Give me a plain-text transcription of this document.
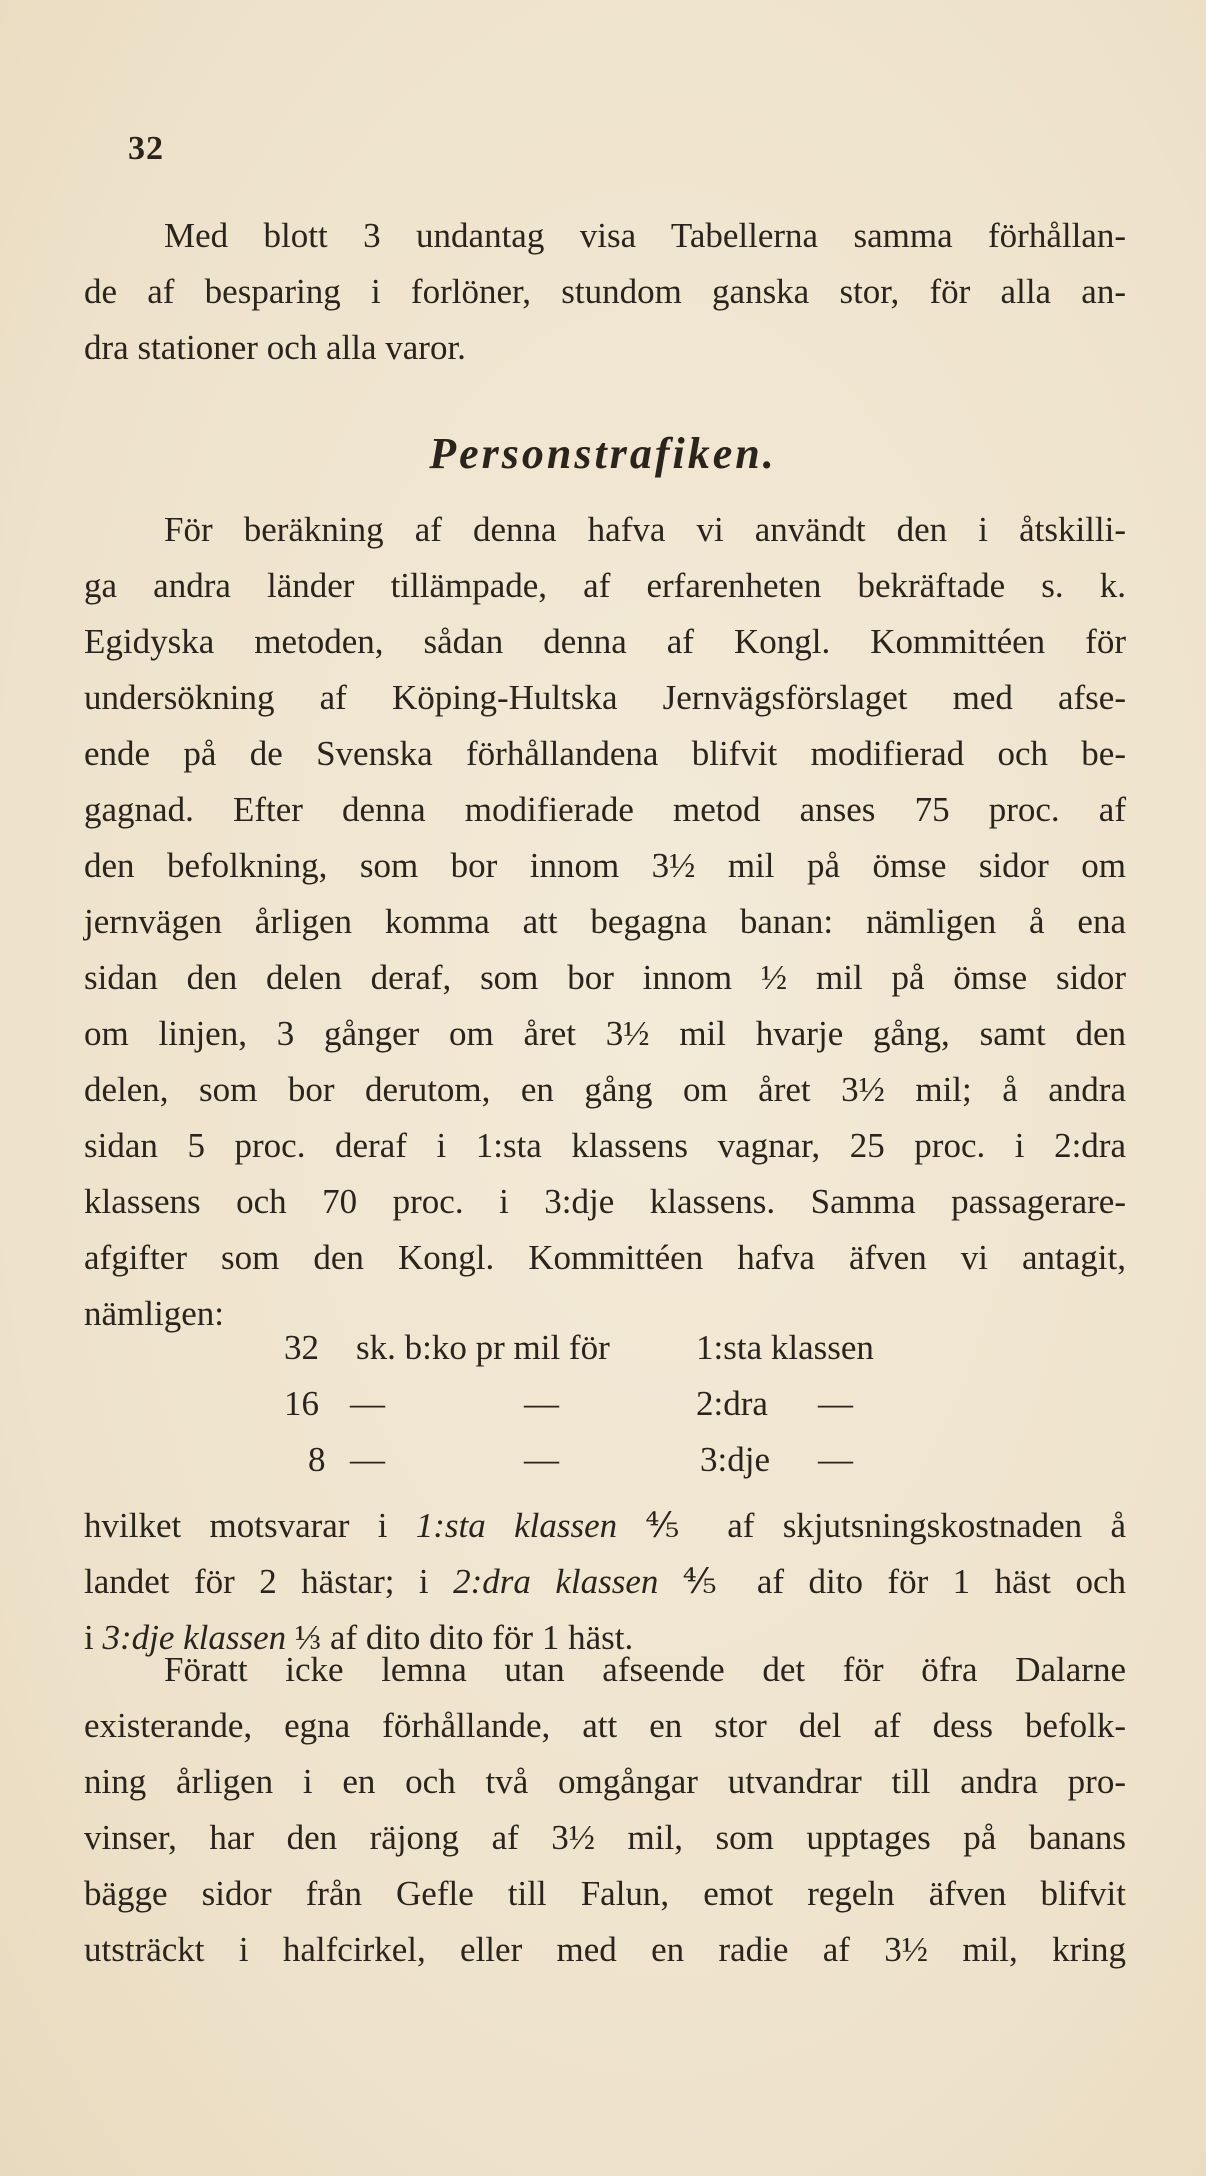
32
Med blott 3 undantag visa Tabellerna samma förhållan-
de af besparing i forlöner, stundom ganska stor, för alla an-
dra stationer och alla varor.
Personstrafiken.
För beräkning af denna hafva vi användt den i åtskilli-
ga andra länder tillämpade, af erfarenheten bekräftade s. k.
Egidyska metoden, sådan denna af Kongl. Kommittéen för
undersökning af Köping-Hultska Jernvägsförslaget med afse-
ende på de Svenska förhållandena blifvit modifierad och be-
gagnad. Efter denna modifierade metod anses 75 proc. af
den befolkning, som bor innom 3½ mil på ömse sidor om
jernvägen årligen komma att begagna banan: nämligen å ena
sidan den delen deraf, som bor innom ½ mil på ömse sidor
om linjen, 3 gånger om året 3½ mil hvarje gång, samt den
delen, som bor derutom, en gång om året 3½ mil; å andra
sidan 5 proc. deraf i 1:sta klassens vagnar, 25 proc. i 2:dra
klassens och 70 proc. i 3:dje klassens. Samma passagerare-
afgifter som den Kongl. Kommittéen hafva äfven vi antagit,
nämligen:
32 sk. b:ko pr mil för 1:sta klassen
16 —	—	2:dra —
8 —	—	3:dje —
hvilket motsvarar i 1:sta klassen ⅘ af skjutsningskostnaden å
landet för 2 hästar; i 2:dra klassen ⅘ af dito för 1 häst och
i 3:dje klassen ⅓ af dito dito för 1 häst.
Föratt icke lemna utan afseende det för öfra Dalarne
existerande, egna förhållande, att en stor del af dess befolk-
ning årligen i en och två omgångar utvandrar till andra pro-
vinser, har den räjong af 3½ mil, som upptages på banans
bägge sidor från Gefle till Falun, emot regeln äfven blifvit
utsträckt i halfcirkel, eller med en radie af 3½ mil, kring
